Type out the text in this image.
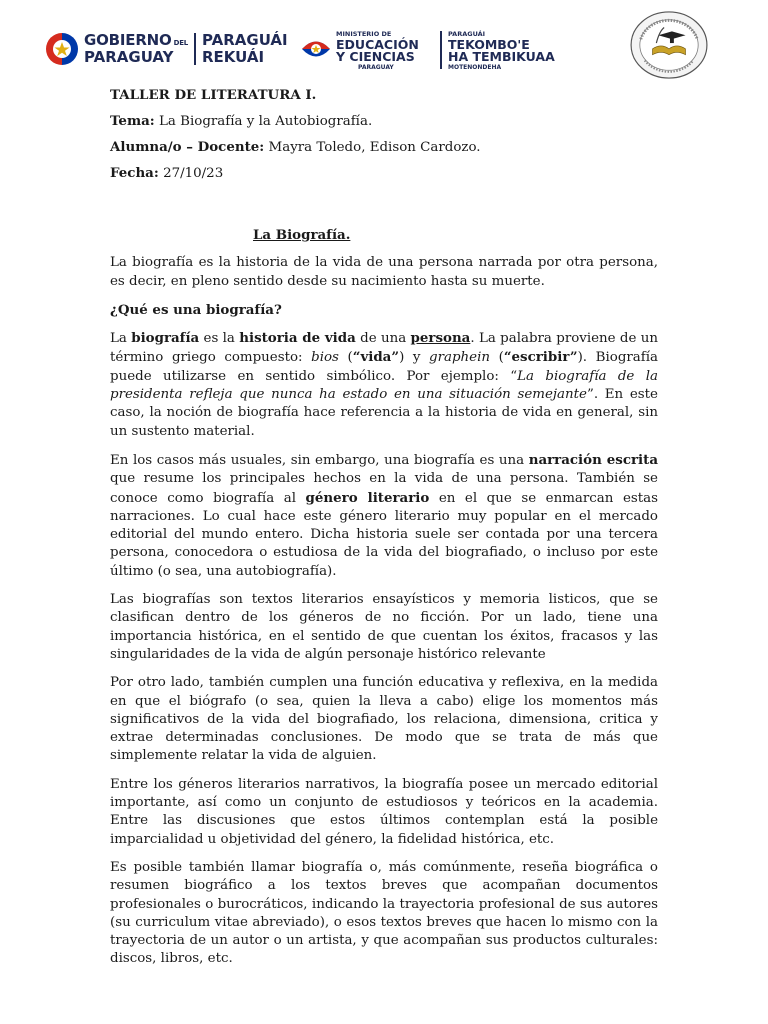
GOBIERNO DEL
PARAGUAY
PARAGUÁI
REKUÁI
MINISTERIO DE
EDUCACIÓN
Y CIENCIAS
PARAGUAY
PARAGUÁI
TEKOMBO'E
HA TEMBIKUAA
MOTENONDEHA

TALLER DE LITERATURA I.

Tema: La Biografía y la Autobiografía.

Alumna/o – Docente: Mayra Toledo, Edison Cardozo.

Fecha: 27/10/23

La Biografía.

La biografía es la historia de la vida de una persona narrada por otra persona, es decir, en pleno sentido desde su nacimiento hasta su muerte.

¿Qué es una biografía?

La biografía es la historia de vida de una persona. La palabra proviene de un término griego compuesto: bios (“vida”) y graphein (“escribir”). Biografía puede utilizarse en sentido simbólico. Por ejemplo: “La biografía de la presidenta refleja que nunca ha estado en una situación semejante”. En este caso, la noción de biografía hace referencia a la historia de vida en general, sin un sustento material.

En los casos más usuales, sin embargo, una biografía es una narración escrita que resume los principales hechos en la vida de una persona. También se conoce como biografía al género literario en el que se enmarcan estas narraciones. Lo cual hace este género literario muy popular en el mercado editorial del mundo entero. Dicha historia suele ser contada por una tercera persona, conocedora o estudiosa de la vida del biografiado, o incluso por este último (o sea, una autobiografía).

Las biografías son textos literarios ensayísticos y memoria listicos, que se clasifican dentro de los géneros de no ficción. Por un lado, tiene una importancia histórica, en el sentido de que cuentan los éxitos, fracasos y las singularidades de la vida de algún personaje histórico relevante

Por otro lado, también cumplen una función educativa y reflexiva, en la medida en que el biógrafo (o sea, quien la lleva a cabo) elige los momentos más significativos de la vida del biografiado, los relaciona, dimensiona, critica y extrae determinadas conclusiones. De modo que se trata de más que simplemente relatar la vida de alguien.

Entre los géneros literarios narrativos, la biografía posee un mercado editorial importante, así como un conjunto de estudiosos y teóricos en la academia. Entre las discusiones que estos últimos contemplan está la posible imparcialidad u objetividad del género, la fidelidad histórica, etc.

Es posible también llamar biografía o, más comúnmente, reseña biográfica o resumen biográfico a los textos breves que acompañan documentos profesionales o burocráticos, indicando la trayectoria profesional de sus autores (su curriculum vitae abreviado), o esos textos breves que hacen lo mismo con la trayectoria de un autor o un artista, y que acompañan sus productos culturales: discos, libros, etc.
